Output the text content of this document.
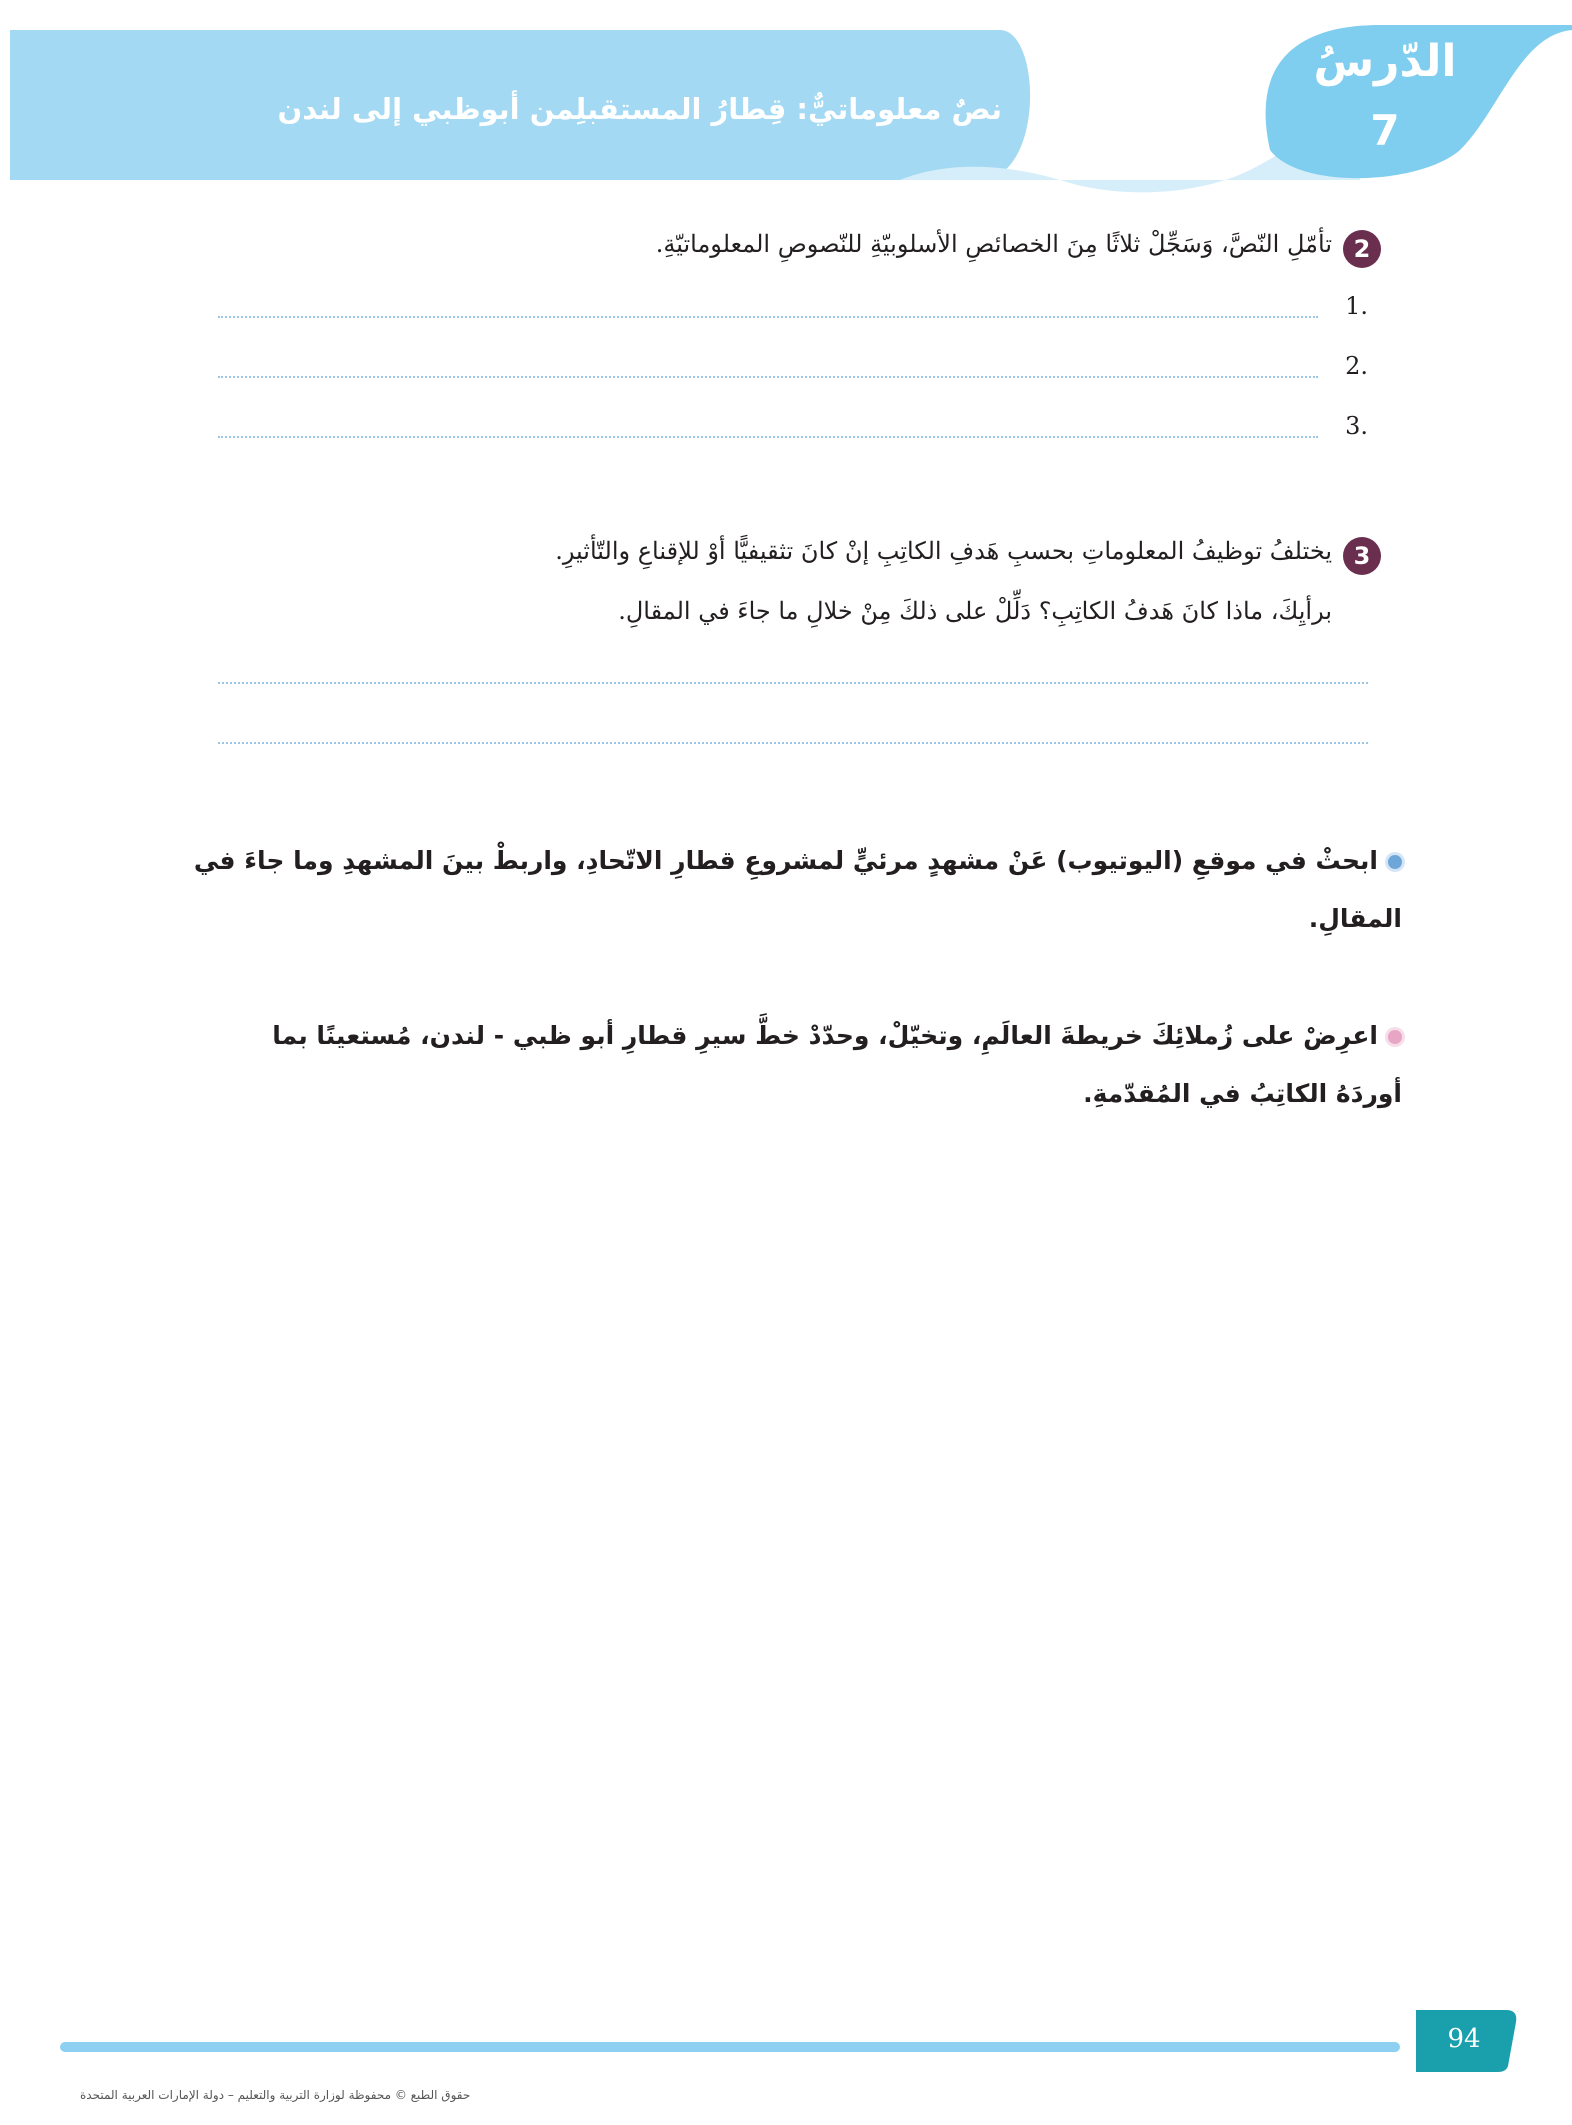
الدّرسُ
7
نصٌ معلوماتيٌّ: قِطارُ المستقبلِمن أبوظبي إلى لندن
2
تأمّلِ النّصَّ، وَسَجِّلْ ثلاثًا مِنَ الخصائصِ الأسلوبيّةِ للنّصوصِ المعلوماتيّةِ.
1.
2.
3.
3
يختلفُ توظيفُ المعلوماتِ بحسبِ هَدفِ الكاتِبِ إنْ كانَ تثقيفيًّا أوْ للإقناعِ والتّأثيرِ.
برأيِكَ، ماذا كانَ هَدفُ الكاتِبِ؟ دَلِّلْ على ذلكَ مِنْ خلالِ ما جاءَ في المقالِ.
ابحثْ في موقعِ (اليوتيوب) عَنْ مشهدٍ مرئيٍّ لمشروعِ قطارِ الاتّحادِ، واربطْ بينَ المشهدِ وما جاءَ في
المقالِ.
اعرِضْ على زُملائِكَ خريطةَ العالَمِ، وتخيّلْ، وحدّدْ خطَّ سيرِ قطارِ أبو ظبي - لندن، مُستعينًا بما
أوردَهُ الكاتِبُ في المُقدّمةِ.
94
حقوق الطبع © محفوظة لوزارة التربية والتعليم – دولة الإمارات العربية المتحدة
